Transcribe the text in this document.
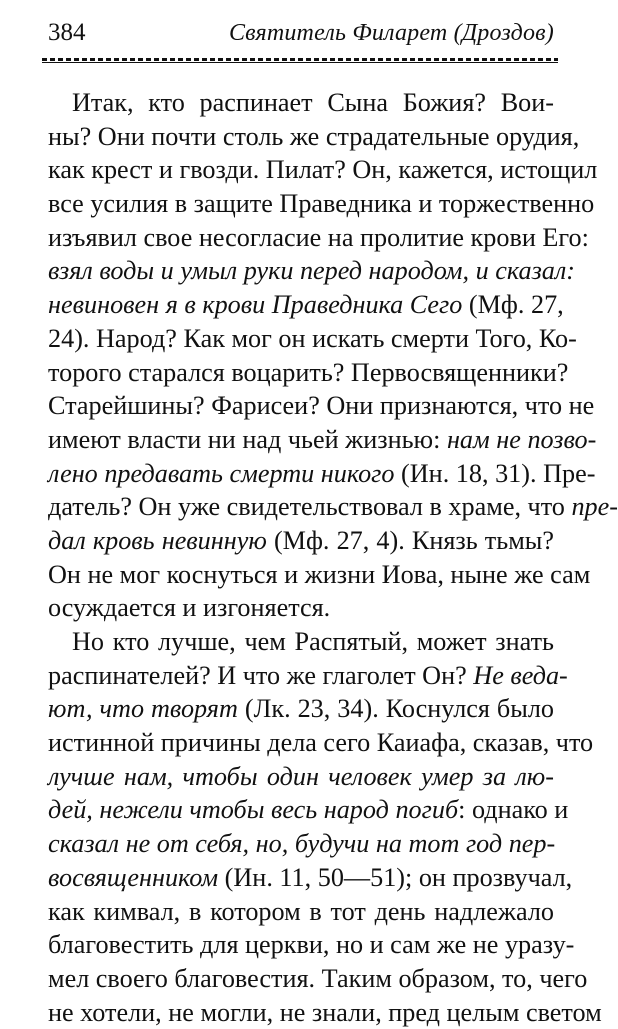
384	Святитель Филарет (Дроздов)
Итак, кто распинает Сына Божия? Вои-
ны? Они почти столь же страдательные орудия,
как крест и гвозди. Пилат? Он, кажется, истощил
все усилия в защите Праведника и торжественно
изъявил свое несогласие на пролитие крови Его:
взял воды и умыл руки перед народом, и сказал:
невиновен я в крови Праведника Сего (Мф. 27,
24). Народ? Как мог он искать смерти Того, Ко-
торого старался воцарить? Первосвященники?
Старейшины? Фарисеи? Они признаются, что не
имеют власти ни над чьей жизнью: нам не позво-
лено предавать смерти никого (Ин. 18, 31). Пре-
датель? Он уже свидетельствовал в храме, что пре-
дал кровь невинную (Мф. 27, 4). Князь тьмы?
Он не мог коснуться и жизни Иова, ныне же сам
осуждается и изгоняется.
Но кто лучше, чем Распятый, может знать
распинателей? И что же глаголет Он? Не веда-
ют, что творят (Лк. 23, 34). Коснулся было
истинной причины дела сего Каиафа, сказав, что
лучше нам, чтобы один человек умер за лю-
дей, нежели чтобы весь народ погиб: однако и
сказал не от себя, но, будучи на тот год пер-
восвященником (Ин. 11, 50—51); он прозвучал,
как кимвал, в котором в тот день надлежало
благовестить для церкви, но и сам же не уразу-
мел своего благовестия. Таким образом, то, чего
не хотели, не могли, не знали, пред целым светом
